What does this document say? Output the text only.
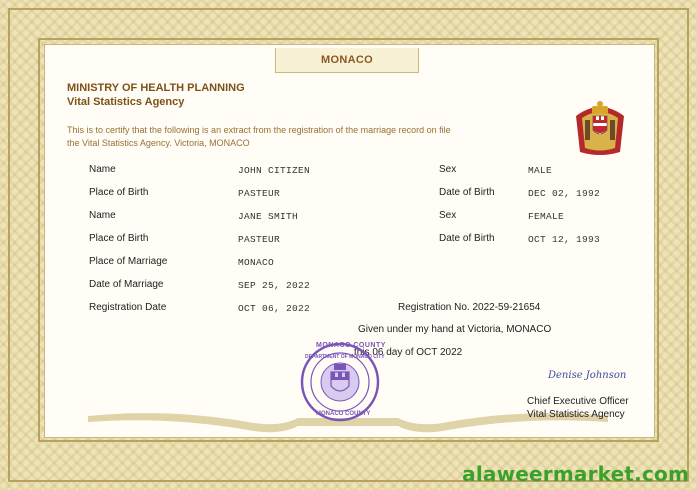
MONACO
MINISTRY OF HEALTH PLANNING
Vital Statistics Agency
This is to certify that the following is an extract from the registration of the marriage record on file
the Vital Statistics Agency. Victoria, MONACO
Name	JOHN CITIZEN	Sex	MALE
Place of Birth	PASTEUR	Date of Birth	DEC 02, 1992
Name	JANE SMITH	Sex	FEMALE
Place of Birth	PASTEUR	Date of Birth	OCT 12, 1993
Place of Marriage	MONACO
Date of Marriage	SEP 25, 2022
Registration Date	OCT 06, 2022	Registration No. 2022-59-21654
Given under my hand at Victoria, MONACO
this 06 day of OCT 2022
MONACO COUNTY
DEPARTMENT OF MONACO CITY
MONACO COUNTY
Denise Johnson
Chief Executive Officer
Vital Statistics Agency
alaweermarket.com
